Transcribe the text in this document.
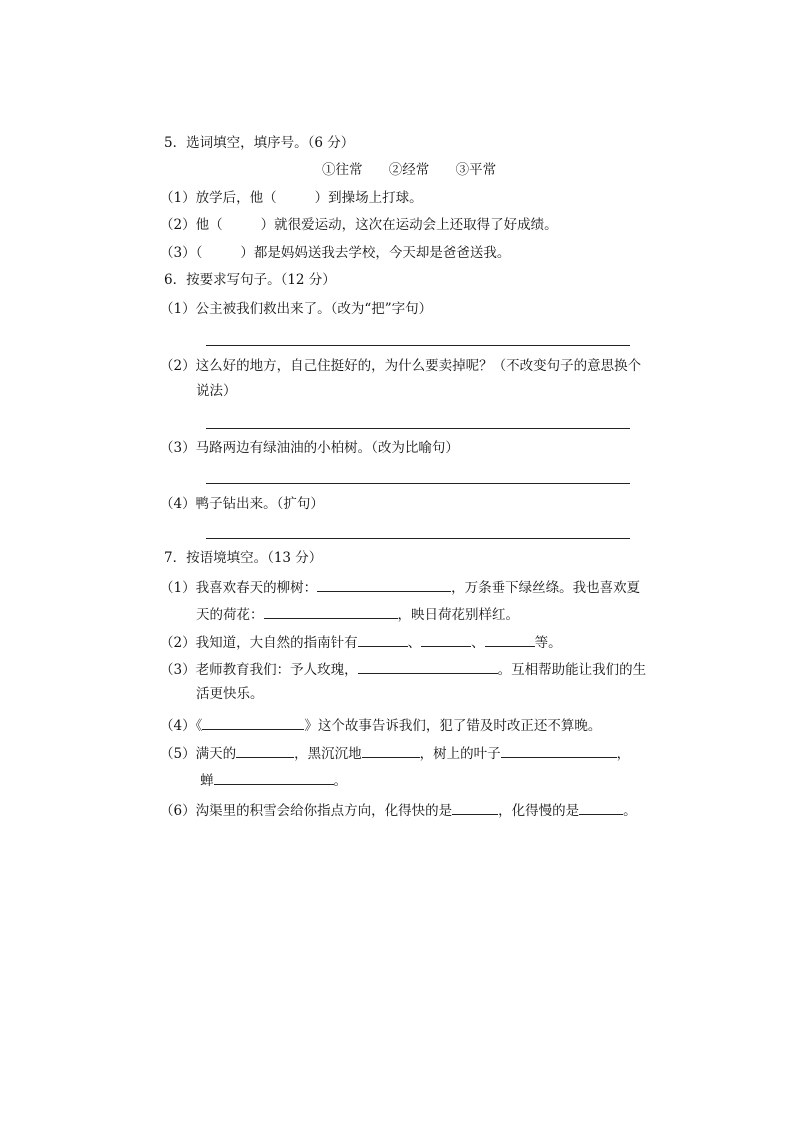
5．选词填空，填序号。（6 分）
①往常 ②经常 ③平常
（1）放学后，他（	）到操场上打球。
（2）他（	）就很爱运动，这次在运动会上还取得了好成绩。
（3）（	）都是妈妈送我去学校，今天却是爸爸送我。
6．按要求写句子。（12 分）
（1）公主被我们救出来了。（改为“把”字句）
（2）这么好的地方，自己住挺好的，为什么要卖掉呢？（不改变句子的意思换个
说法）
（3）马路两边有绿油油的小柏树。（改为比喻句）
（4）鸭子钻出来。（扩句）
7．按语境填空。（13 分）
（1）我喜欢春天的柳树：	，万条垂下绿丝绦。我也喜欢夏
天的荷花：	，映日荷花别样红。
（2）我知道，大自然的指南针有	、	、	等。
（3）老师教育我们：予人玫瑰，	。互相帮助能让我们的生
活更快乐。
（4）《	》这个故事告诉我们，犯了错及时改正还不算晚。
（5）满天的	，黑沉沉地	，树上的叶子	，
蝉	。
（6）沟渠里的积雪会给你指点方向，化得快的是	，化得慢的是	。
